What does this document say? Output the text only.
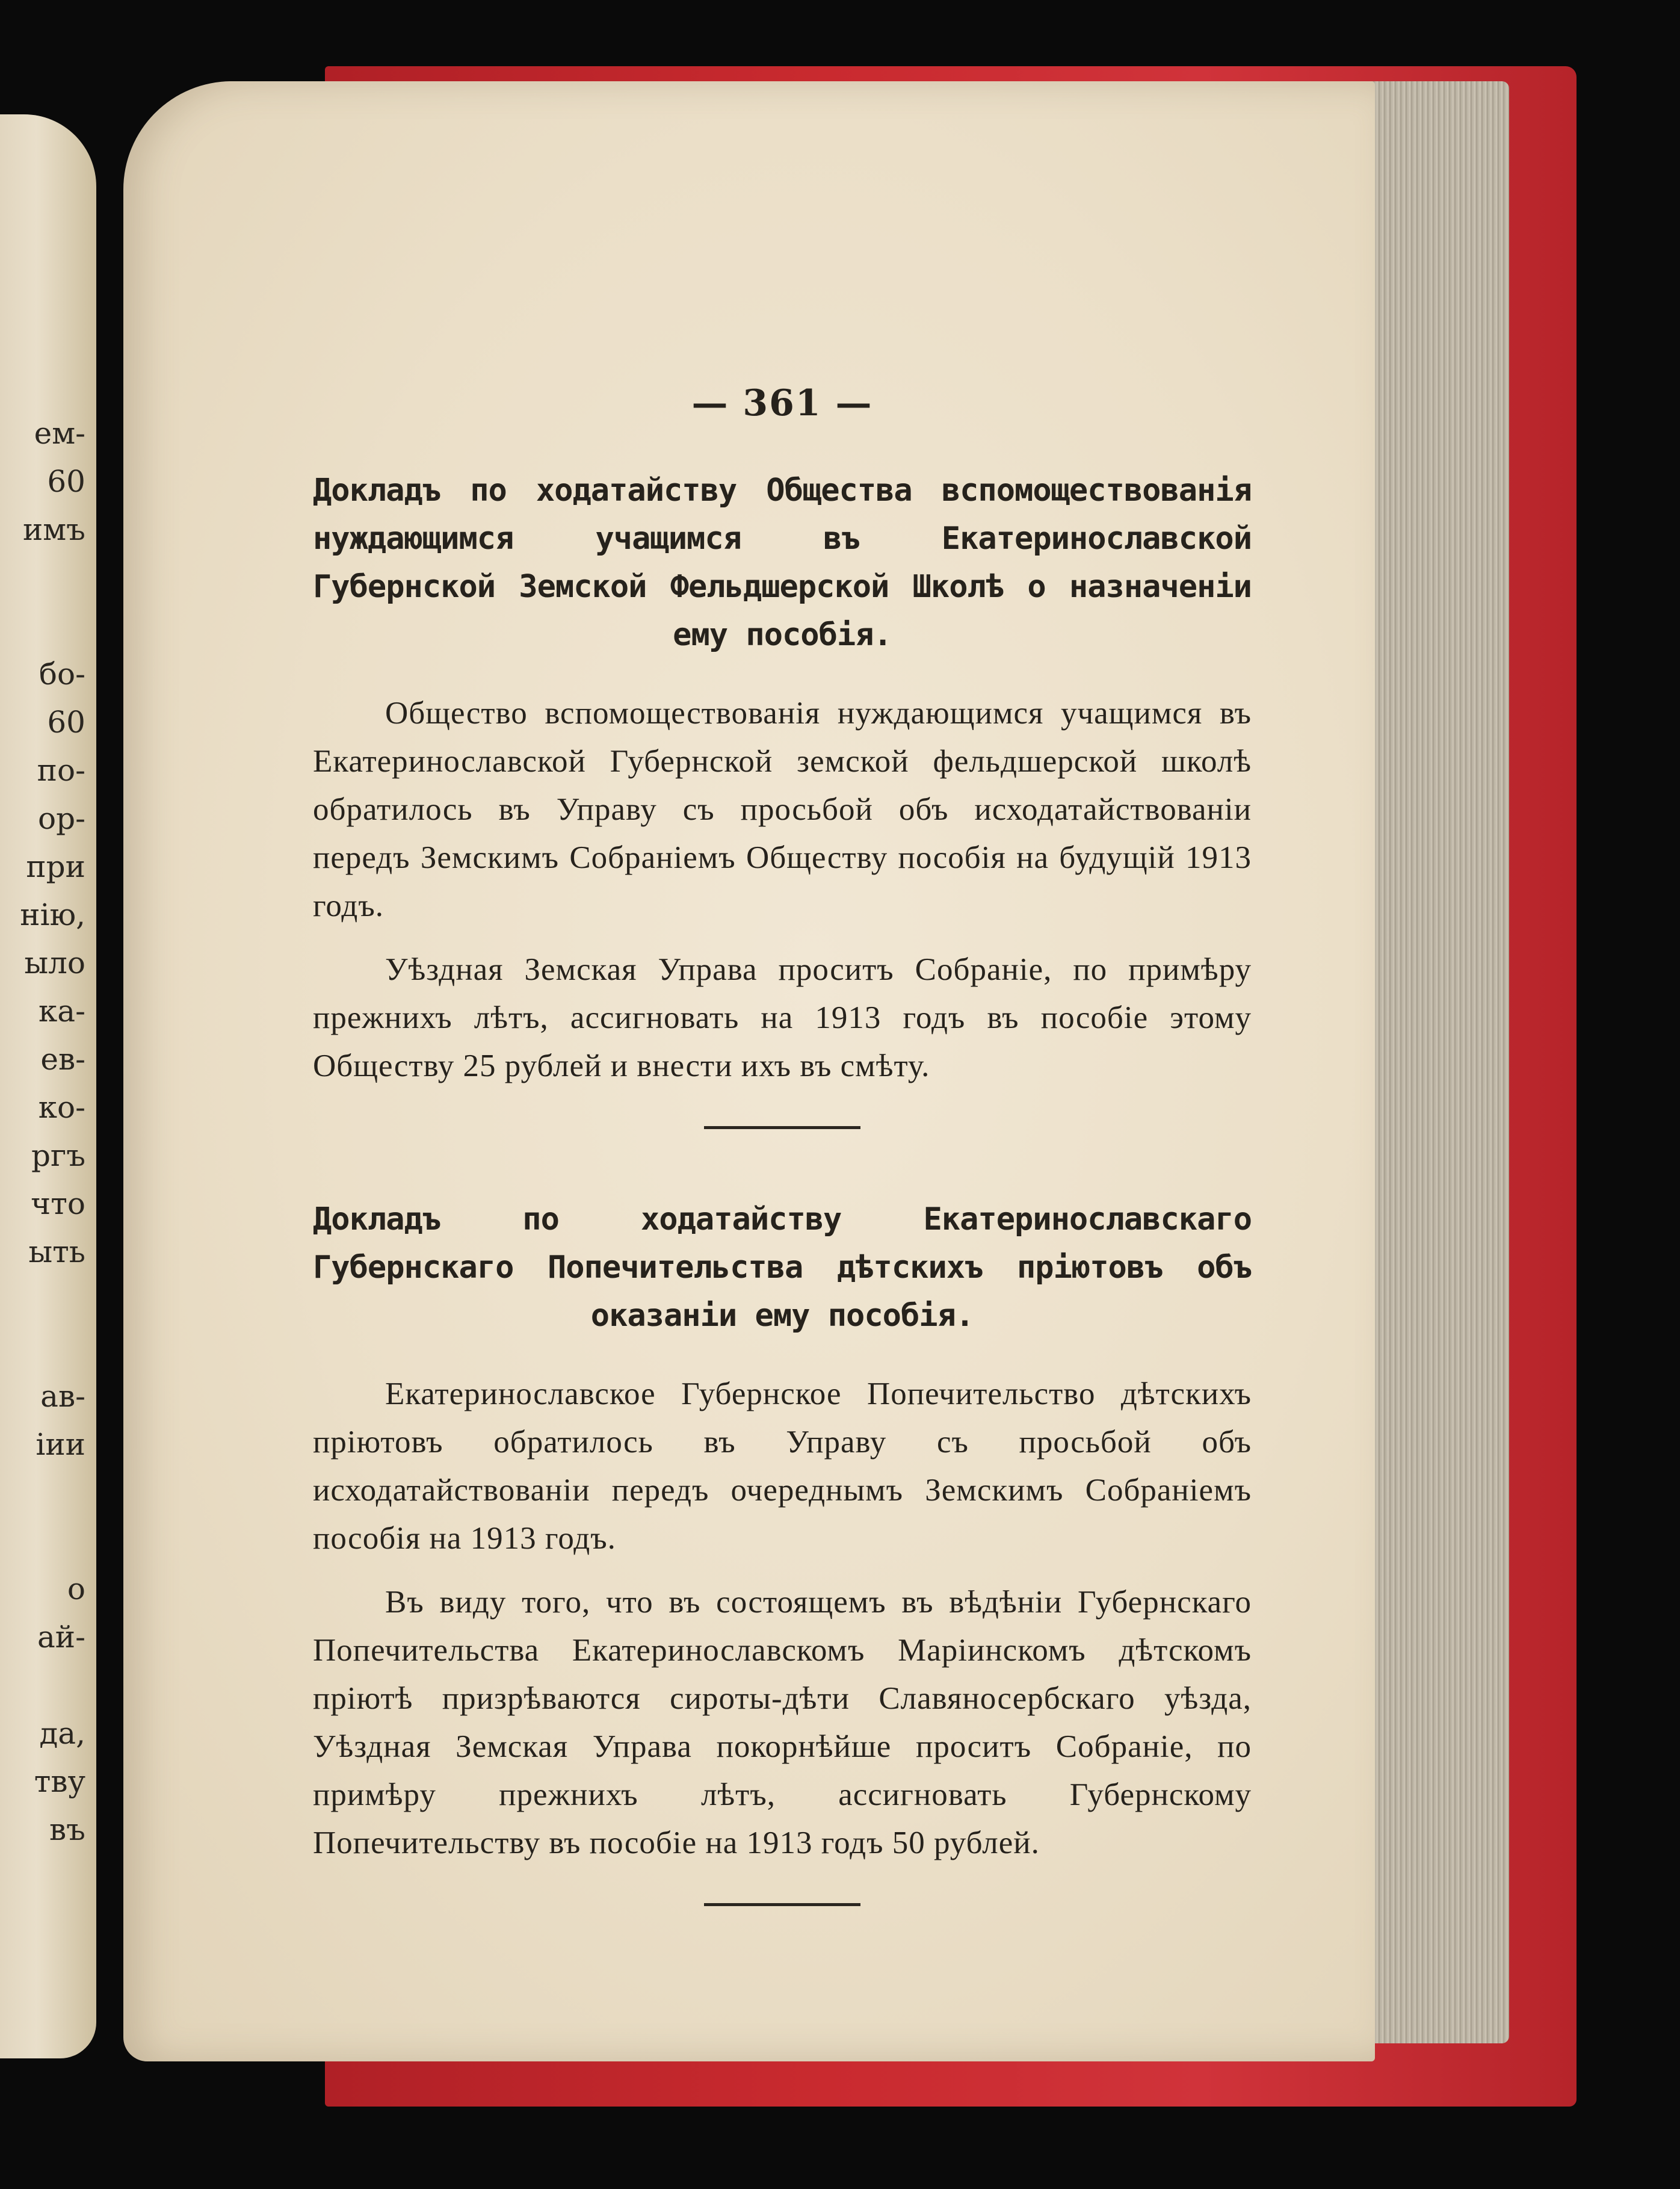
ем-
60
имъ
бо-
60
по-
ор-
при
нію,
ыло
ка-
ев-
ко-
ргъ
что
ыть
ав-
іии
о
ай-
да,
тву
въ
— 361 —
Докладъ по ходатайству Общества вспомоществованія нуждающимся учащимся въ Екатеринославской Губернской Земской Фельдшерской Школѣ о назначеніи ему пособія.

Общество вспомоществованія нуждающимся учащимся въ Екатеринославской Губернской земской фельдшерской школѣ обратилось въ Управу съ просьбой объ исходатайствованіи передъ Земскимъ Собраніемъ Обществу пособія на будущій 1913 годъ.

Уѣздная Земская Управа проситъ Собраніе, по примѣру прежнихъ лѣтъ, ассигновать на 1913 годъ въ пособіе этому Обществу 25 рублей и внести ихъ въ смѣту.

Докладъ по ходатайству Екатеринославскаго Губернскаго Попечительства дѣтскихъ пріютовъ объ оказаніи ему пособія.

Екатеринославское Губернское Попечительство дѣтскихъ пріютовъ обратилось въ Управу съ просьбой объ исходатайствованіи передъ очереднымъ Земскимъ Собраніемъ пособія на 1913 годъ.

Въ виду того, что въ состоящемъ въ вѣдѣніи Губернскаго Попечительства Екатеринославскомъ Маріинскомъ дѣтскомъ пріютѣ призрѣваются сироты-дѣти Славяносербскаго уѣзда, Уѣздная Земская Управа покорнѣйше проситъ Собраніе, по примѣру прежнихъ лѣтъ, ассигновать Губернскому Попечительству въ пособіе на 1913 годъ 50 рублей.
